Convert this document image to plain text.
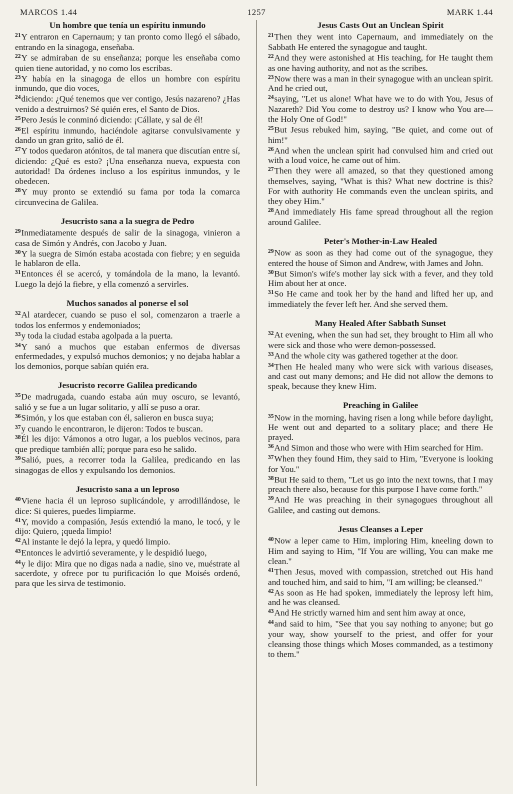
MARCOS 1.44	1257	MARK 1.44
Un hombre que tenía un espíritu inmundo

$^{21}$Y entraron en Capernaum; y tan pronto como llegó el sábado, entrando en la sinagoga, enseñaba.

$^{22}$Y se admiraban de su enseñanza; porque les enseñaba como quien tiene autoridad, y no como los escribas.

$^{23}$Y había en la sinagoga de ellos un hombre con espíritu inmundo, que dio voces,

$^{24}$diciendo: ¿Qué tenemos que ver contigo, Jesús nazareno? ¿Has venido a destruirnos? Sé quién eres, el Santo de Dios.

$^{25}$Pero Jesús le conminó diciendo: ¡Cállate, y sal de él!

$^{26}$El espíritu inmundo, haciéndole agitarse convulsivamente y dando un gran grito, salió de él.

$^{27}$Y todos quedaron atónitos, de tal manera que discutían entre sí, diciendo: ¿Qué es esto? ¡Una enseñanza nueva, expuesta con autoridad! Da órdenes incluso a los espíritus inmundos, y le obedecen.

$^{28}$Y muy pronto se extendió su fama por toda la comarca circunvecina de Galilea.

Jesucristo sana a la suegra de Pedro

$^{29}$Inmediatamente después de salir de la sinagoga, vinieron a casa de Simón y Andrés, con Jacobo y Juan.

$^{30}$Y la suegra de Simón estaba acostada con fiebre; y en seguida le hablaron de ella.

$^{31}$Entonces él se acercó, y tomándola de la mano, la levantó. Luego la dejó la fiebre, y ella comenzó a servirles.

Muchos sanados al ponerse el sol

$^{32}$Al atardecer, cuando se puso el sol, comenzaron a traerle a todos los enfermos y endemoniados;

$^{33}$y toda la ciudad estaba agolpada a la puerta.

$^{34}$Y sanó a muchos que estaban enfermos de diversas enfermedades, y expulsó muchos demonios; y no dejaba hablar a los demonios, porque sabían quién era.

Jesucristo recorre Galilea predicando

$^{35}$De madrugada, cuando estaba aún muy oscuro, se levantó, salió y se fue a un lugar solitario, y allí se puso a orar.

$^{36}$Simón, y los que estaban con él, salieron en busca suya;

$^{37}$y cuando le encontraron, le dijeron: Todos te buscan.

$^{38}$Él les dijo: Vámonos a otro lugar, a los pueblos vecinos, para que predique también allí; porque para eso he salido.

$^{39}$Salió, pues, a recorrer toda la Galilea, predicando en las sinagogas de ellos y expulsando los demonios.

Jesucristo sana a un leproso

$^{40}$Viene hacia él un leproso suplicándole, y arrodillándose, le dice: Si quieres, puedes limpiarme.

$^{41}$Y, movido a compasión, Jesús extendió la mano, le tocó, y le dijo: Quiero, ¡queda limpio!

$^{42}$Al instante le dejó la lepra, y quedó limpio.

$^{43}$Entonces le advirtió severamente, y le despidió luego,

$^{44}$y le dijo: Mira que no digas nada a nadie, sino ve, muéstrate al sacerdote, y ofrece por tu purificación lo que Moisés ordenó, para que les sirva de testimonio.

Jesus Casts Out an Unclean Spirit

$^{21}$Then they went into Capernaum, and immediately on the Sabbath He entered the synagogue and taught.

$^{22}$And they were astonished at His teaching, for He taught them as one having authority, and not as the scribes.

$^{23}$Now there was a man in their synagogue with an unclean spirit. And he cried out,

$^{24}$saying, "Let us alone! What have we to do with You, Jesus of Nazareth? Did You come to destroy us? I know who You are—the Holy One of God!"

$^{25}$But Jesus rebuked him, saying, "Be quiet, and come out of him!"

$^{26}$And when the unclean spirit had convulsed him and cried out with a loud voice, he came out of him.

$^{27}$Then they were all amazed, so that they questioned among themselves, saying, "What is this? What new doctrine is this? For with authority He commands even the unclean spirits, and they obey Him."

$^{28}$And immediately His fame spread throughout all the region around Galilee.

Peter's Mother-in-Law Healed

$^{29}$Now as soon as they had come out of the synagogue, they entered the house of Simon and Andrew, with James and John.

$^{30}$But Simon's wife's mother lay sick with a fever, and they told Him about her at once.

$^{31}$So He came and took her by the hand and lifted her up, and immediately the fever left her. And she served them.

Many Healed After Sabbath Sunset

$^{32}$At evening, when the sun had set, they brought to Him all who were sick and those who were demon-possessed.

$^{33}$And the whole city was gathered together at the door.

$^{34}$Then He healed many who were sick with various diseases, and cast out many demons; and He did not allow the demons to speak, because they knew Him.

Preaching in Galilee

$^{35}$Now in the morning, having risen a long while before daylight, He went out and departed to a solitary place; and there He prayed.

$^{36}$And Simon and those who were with Him searched for Him.

$^{37}$When they found Him, they said to Him, "Everyone is looking for You."

$^{38}$But He said to them, "Let us go into the next towns, that I may preach there also, because for this purpose I have come forth."

$^{39}$And He was preaching in their synagogues throughout all Galilee, and casting out demons.

Jesus Cleanses a Leper

$^{40}$Now a leper came to Him, imploring Him, kneeling down to Him and saying to Him, "If You are willing, You can make me clean."

$^{41}$Then Jesus, moved with compassion, stretched out His hand and touched him, and said to him, "I am willing; be cleansed."

$^{42}$As soon as He had spoken, immediately the leprosy left him, and he was cleansed.

$^{43}$And He strictly warned him and sent him away at once,

$^{44}$and said to him, "See that you say nothing to anyone; but go your way, show yourself to the priest, and offer for your cleansing those things which Moses commanded, as a testimony to them."
